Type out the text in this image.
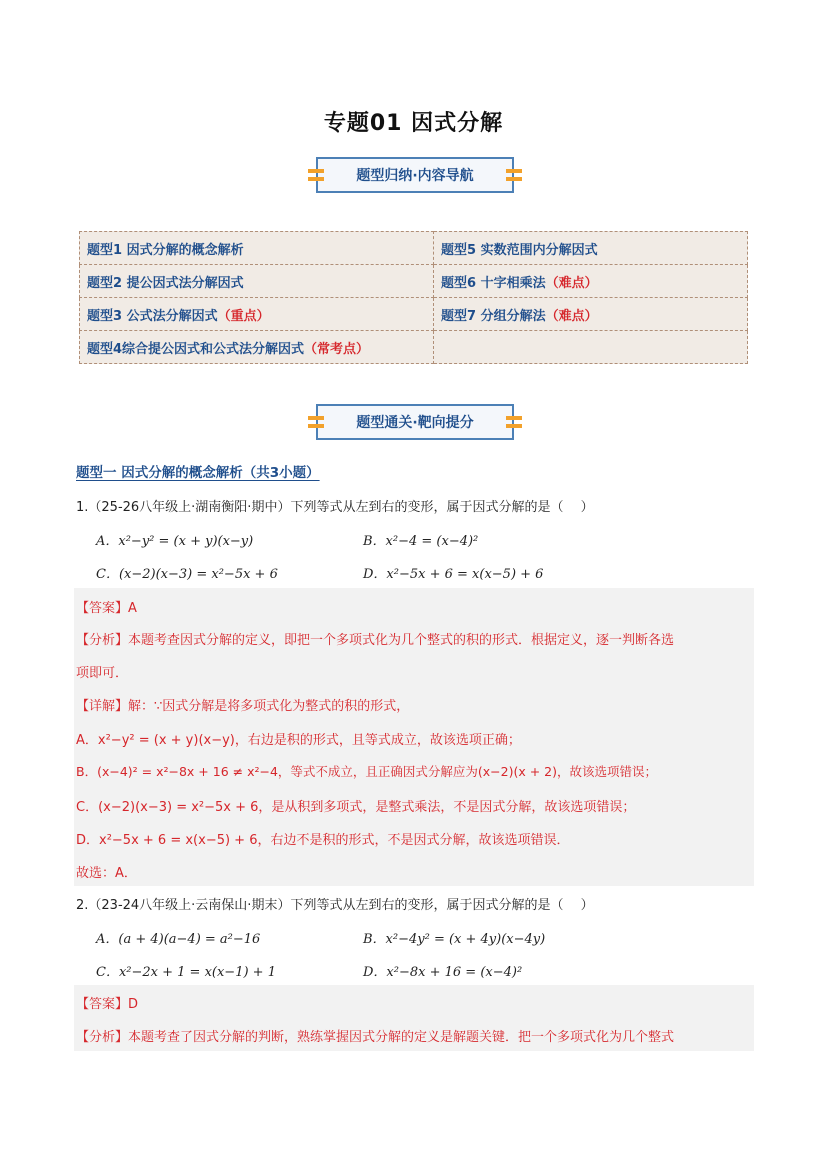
专题01 因式分解
题型归纳·内容导航
题型1 因式分解的概念解析	题型5 实数范围内分解因式
题型2 提公因式法分解因式	题型6 十字相乘法（难点）
题型3 公式法分解因式（重点）	题型7 分组分解法（难点）
题型4综合提公因式和公式法分解因式（常考点）	
题型通关·靶向提分
题型一 因式分解的概念解析（共3小题）
1.（25-26八年级上·湖南衡阳·期中）下列等式从左到右的变形，属于因式分解的是（　 ）
A．x²−y² = (x + y)(x−y)	B．x²−4 = (x−4)²
C．(x−2)(x−3) = x²−5x + 6	D．x²−5x + 6 = x(x−5) + 6
【答案】A
【分析】本题考查因式分解的定义，即把一个多项式化为几个整式的积的形式．根据定义，逐一判断各选
项即可．
【详解】解：∵因式分解是将多项式化为整式的积的形式，
A．x²−y² = (x + y)(x−y)，右边是积的形式，且等式成立，故该选项正确；
B．(x−4)² = x²−8x + 16 ≠ x²−4，等式不成立，且正确因式分解应为(x−2)(x + 2)，故该选项错误；
C．(x−2)(x−3) = x²−5x + 6，是从积到多项式，是整式乘法，不是因式分解，故该选项错误；
D．x²−5x + 6 = x(x−5) + 6，右边不是积的形式，不是因式分解，故该选项错误．
故选：A．
2.（23-24八年级上·云南保山·期末）下列等式从左到右的变形，属于因式分解的是（　 ）
A．(a + 4)(a−4) = a²−16	B．x²−4y² = (x + 4y)(x−4y)
C．x²−2x + 1 = x(x−1) + 1	D．x²−8x + 16 = (x−4)²
【答案】D
【分析】本题考查了因式分解的判断，熟练掌握因式分解的定义是解题关键．把一个多项式化为几个整式
